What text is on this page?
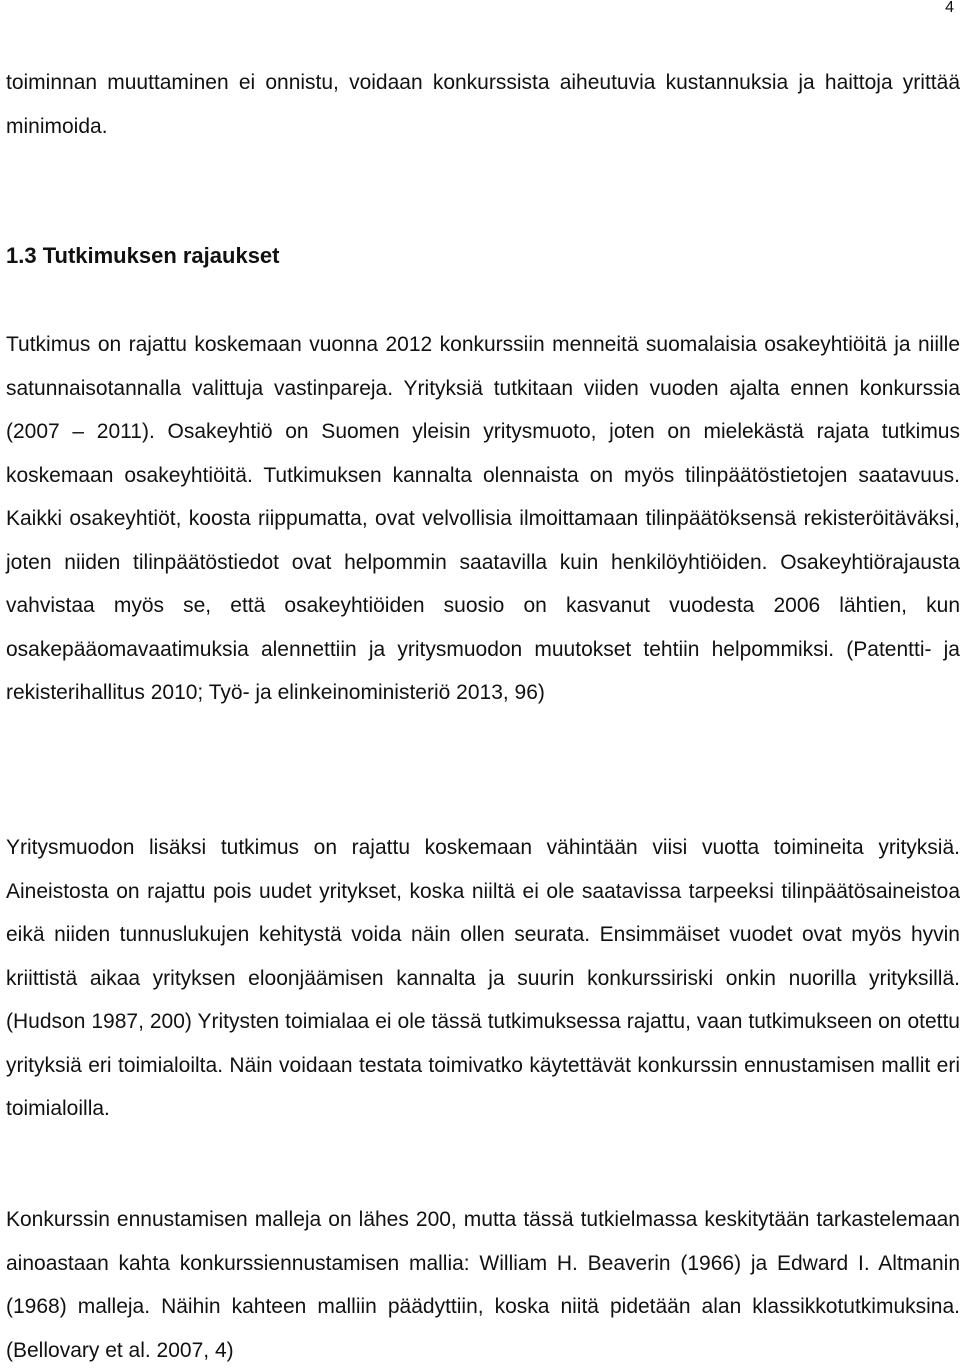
4

toiminnan muuttaminen ei onnistu, voidaan konkurssista aiheutuvia kustannuksia ja haittoja yrittää minimoida.

1.3 Tutkimuksen rajaukset

Tutkimus on rajattu koskemaan vuonna 2012 konkurssiin menneitä suomalaisia osakeyhtiöitä ja niille satunnaisotannalla valittuja vastinpareja. Yrityksiä tutkitaan viiden vuoden ajalta ennen konkurssia (2007 – 2011). Osakeyhtiö on Suomen yleisin yritysmuoto, joten on mielekästä rajata tutkimus koskemaan osakeyhtiöitä. Tutkimuksen kannalta olennaista on myös tilinpäätöstietojen saatavuus. Kaikki osakeyhtiöt, koosta riippumatta, ovat velvollisia ilmoittamaan tilinpäätöksensä rekisteröitäväksi, joten niiden tilinpäätöstiedot ovat helpommin saatavilla kuin henkilöyhtiöiden. Osakeyhtiörajausta vahvistaa myös se, että osakeyhtiöiden suosio on kasvanut vuodesta 2006 lähtien, kun osakepääomavaatimuksia alennettiin ja yritysmuodon muutokset tehtiin helpommiksi. (Patentti- ja rekisterihallitus 2010; Työ- ja elinkeinoministeriö 2013, 96)

Yritysmuodon lisäksi tutkimus on rajattu koskemaan vähintään viisi vuotta toimineita yrityksiä. Aineistosta on rajattu pois uudet yritykset, koska niiltä ei ole saatavissa tarpeeksi tilinpäätösaineistoa eikä niiden tunnuslukujen kehitystä voida näin ollen seurata. Ensimmäiset vuodet ovat myös hyvin kriittistä aikaa yrityksen eloonjäämisen kannalta ja suurin konkurssiriski onkin nuorilla yrityksillä. (Hudson 1987, 200) Yritysten toimialaa ei ole tässä tutkimuksessa rajattu, vaan tutkimukseen on otettu yrityksiä eri toimialoilta. Näin voidaan testata toimivatko käytettävät konkurssin ennustamisen mallit eri toimialoilla.

Konkurssin ennustamisen malleja on lähes 200, mutta tässä tutkielmassa keskitytään tarkastelemaan ainoastaan kahta konkurssiennustamisen mallia: William H. Beaverin (1966) ja Edward I. Altmanin (1968) malleja. Näihin kahteen malliin päädyttiin, koska niitä pidetään alan klassikkotutkimuksina. (Bellovary et al. 2007, 4)
